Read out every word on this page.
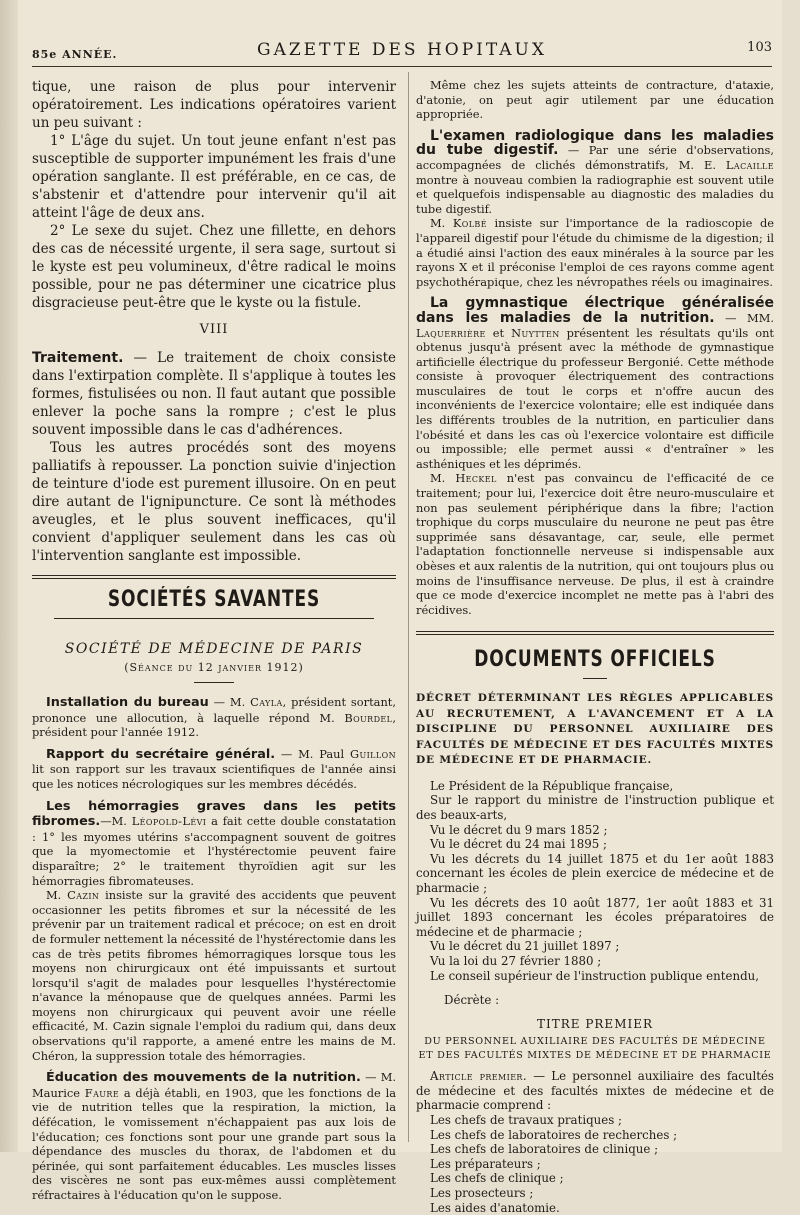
85e ANNÉE.	GAZETTE DES HOPITAUX	103

tique, une raison de plus pour intervenir opératoirement. Les indications opératoires varient un peu suivant :

1° L'âge du sujet. Un tout jeune enfant n'est pas susceptible de supporter impunément les frais d'une opération sanglante. Il est préférable, en ce cas, de s'abstenir et d'attendre pour intervenir qu'il ait atteint l'âge de deux ans.

2° Le sexe du sujet. Chez une fillette, en dehors des cas de nécessité urgente, il sera sage, surtout si le kyste est peu volumineux, d'être radical le moins possible, pour ne pas déterminer une cicatrice plus disgracieuse peut-être que le kyste ou la fistule.

VIII

Traitement. — Le traitement de choix consiste dans l'extirpation complète. Il s'applique à toutes les formes, fistulisées ou non. Il faut autant que possible enlever la poche sans la rompre ; c'est le plus souvent impossible dans le cas d'adhérences.

Tous les autres procédés sont des moyens palliatifs à repousser. La ponction suivie d'injection de teinture d'iode est purement illusoire. On en peut dire autant de l'ignipuncture. Ce sont là méthodes aveugles, et le plus souvent inefficaces, qu'il convient d'appliquer seulement dans les cas où l'intervention sanglante est impossible.

SOCIÉTÉS SAVANTES
SOCIÉTÉ DE MÉDECINE DE PARIS
(Séance du 12 janvier 1912)

Installation du bureau — M. Cayla, président sortant, prononce une allocution, à laquelle répond M. Bourdel, président pour l'année 1912.

Rapport du secrétaire général. — M. Paul Guillon lit son rapport sur les travaux scientifiques de l'année ainsi que les notices nécrologiques sur les membres décédés.

Les hémorragies graves dans les petits fibromes.—M. Léopold-Lévi a fait cette double constatation : 1° les myomes utérins s'accompagnent souvent de goitres que la myomectomie et l'hystérectomie peuvent faire disparaître; 2° le traitement thyroïdien agit sur les hémorragies fibromateuses.

M. Cazin insiste sur la gravité des accidents que peuvent occasionner les petits fibromes et sur la nécessité de les prévenir par un traitement radical et précoce; on est en droit de formuler nettement la nécessité de l'hystérectomie dans les cas de très petits fibromes hémorragiques lorsque tous les moyens non chirurgicaux ont été impuissants et surtout lorsqu'il s'agit de malades pour lesquelles l'hystérectomie n'avance la ménopause que de quelques années. Parmi les moyens non chirurgicaux qui peuvent avoir une réelle efficacité, M. Cazin signale l'emploi du radium qui, dans deux observations qu'il rapporte, a amené entre les mains de M. Chéron, la suppression totale des hémorragies.

Éducation des mouvements de la nutrition. — M. Maurice Faure a déjà établi, en 1903, que les fonctions de la vie de nutrition telles que la respiration, la miction, la défécation, le vomissement n'échappaient pas aux lois de l'éducation; ces fonctions sont pour une grande part sous la dépendance des muscles du thorax, de l'abdomen et du périnée, qui sont parfaitement éducables. Les muscles lisses des viscères ne sont pas eux-mêmes aussi complètement réfractaires à l'éducation qu'on le suppose.

Même chez les sujets atteints de contracture, d'ataxie, d'atonie, on peut agir utilement par une éducation appropriée.

L'examen radiologique dans les maladies du tube digestif. — Par une série d'observations, accompagnées de clichés démonstratifs, M. E. Lacaille montre à nouveau combien la radiographie est souvent utile et quelquefois indispensable au diagnostic des maladies du tube digestif.

M. Kolbé insiste sur l'importance de la radioscopie de l'appareil digestif pour l'étude du chimisme de la digestion; il a étudié ainsi l'action des eaux minérales à la source par les rayons X et il préconise l'emploi de ces rayons comme agent psychothérapique, chez les névropathes réels ou imaginaires.

La gymnastique électrique généralisée dans les maladies de la nutrition. — MM. Laquerrière et Nuytten présentent les résultats qu'ils ont obtenus jusqu'à présent avec la méthode de gymnastique artificielle électrique du professeur Bergonié. Cette méthode consiste à provoquer électriquement des contractions musculaires de tout le corps et n'offre aucun des inconvénients de l'exercice volontaire; elle est indiquée dans les différents troubles de la nutrition, en particulier dans l'obésité et dans les cas où l'exercice volontaire est difficile ou impossible; elle permet aussi « d'entraîner » les asthéniques et les déprimés.

M. Heckel n'est pas convaincu de l'efficacité de ce traitement; pour lui, l'exercice doit être neuro-musculaire et non pas seulement périphérique dans la fibre; l'action trophique du corps musculaire du neurone ne peut pas être supprimée sans désavantage, car, seule, elle permet l'adaptation fonctionnelle nerveuse si indispensable aux obèses et aux ralentis de la nutrition, qui ont toujours plus ou moins de l'insuffisance nerveuse. De plus, il est à craindre que ce mode d'exercice incomplet ne mette pas à l'abri des récidives.

DOCUMENTS OFFICIELS

DÉCRET DÉTERMINANT LES RÈGLES APPLICABLES AU RECRUTEMENT, A L'AVANCEMENT ET A LA DISCIPLINE DU PERSONNEL AUXILIAIRE DES FACULTÉS DE MÉDECINE ET DES FACULTÉS MIXTES DE MÉDECINE ET DE PHARMACIE.

Le Président de la République française,

Sur le rapport du ministre de l'instruction publique et des beaux-arts,

Vu le décret du 9 mars 1852 ;

Vu le décret du 24 mai 1895 ;

Vu les décrets du 14 juillet 1875 et du 1er août 1883 concernant les écoles de plein exercice de médecine et de pharmacie ;

Vu les décrets des 10 août 1877, 1er août 1883 et 31 juillet 1893 concernant les écoles préparatoires de médecine et de pharmacie ;

Vu le décret du 21 juillet 1897 ;

Vu la loi du 27 février 1880 ;

Le conseil supérieur de l'instruction publique entendu,

Décrète :
TITRE PREMIER
DU PERSONNEL AUXILIAIRE DES FACULTÉS DE MÉDECINE ET DES FACULTÉS MIXTES DE MÉDECINE ET DE PHARMACIE

Article premier. — Le personnel auxiliaire des facultés de médecine et des facultés mixtes de médecine et de pharmacie comprend :

Les chefs de travaux pratiques ;
Les chefs de laboratoires de recherches ;
Les chefs de laboratoires de clinique ;
Les préparateurs ;
Les chefs de clinique ;
Les prosecteurs ;
Les aides d'anatomie.
